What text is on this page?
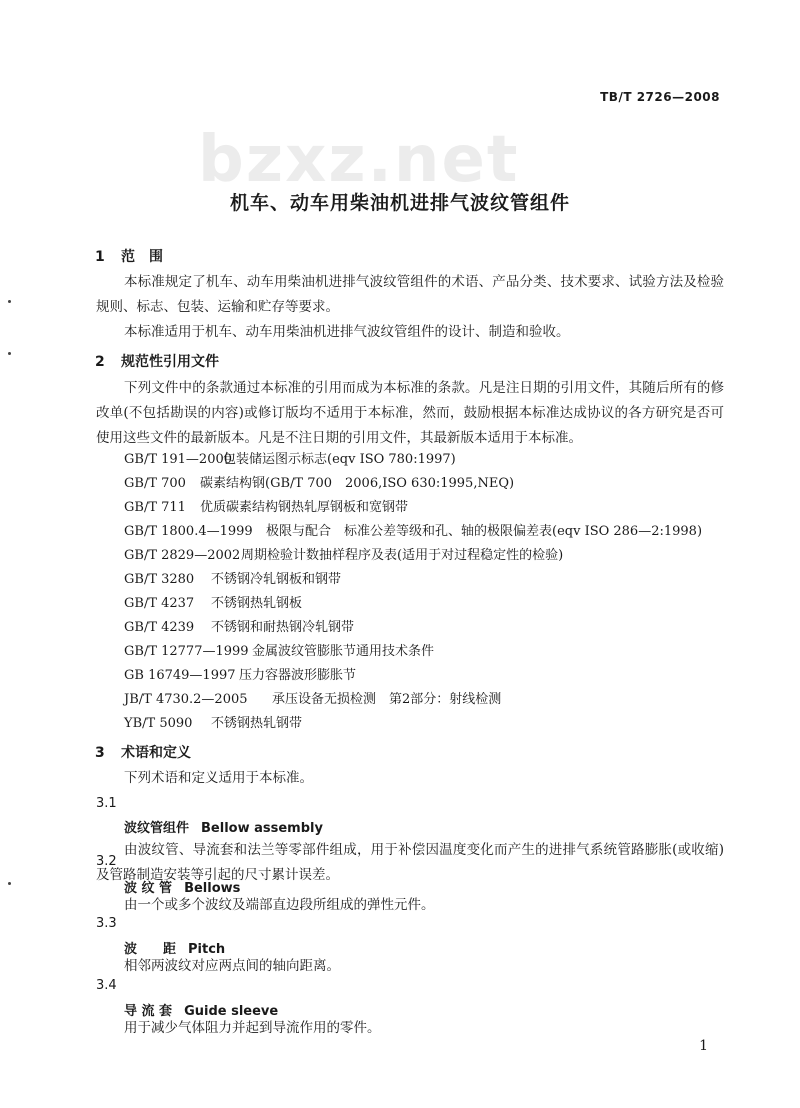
TB/T 2726—2008
bzxz.net
机车、动车用柴油机进排气波纹管组件
1 范　围
本标准规定了机车、动车用柴油机进排气波纹管组件的术语、产品分类、技术要求、试验方法及检验规则、标志、包装、运输和贮存等要求。
本标准适用于机车、动车用柴油机进排气波纹管组件的设计、制造和验收。
2 规范性引用文件
下列文件中的条款通过本标准的引用而成为本标准的条款。凡是注日期的引用文件，其随后所有的修改单(不包括勘误的内容)或修订版均不适用于本标准，然而，鼓励根据本标准达成协议的各方研究是否可使用这些文件的最新版本。凡是不注日期的引用文件，其最新版本适用于本标准。
GB/T 191—2000包装储运图示标志(eqv ISO 780:1997)
GB/T 700 碳素结构钢(GB/T 700　2006,ISO 630:1995,NEQ)
GB/T 711 优质碳素结构钢热轧厚钢板和宽钢带
GB/T 1800.4—1999 极限与配合　标准公差等级和孔、轴的极限偏差表(eqv ISO 286—2:1998)
GB/T 2829—2002周期检验计数抽样程序及表(适用于对过程稳定性的检验)
GB/T 3280 不锈钢冷轧钢板和钢带
GB/T 4237 不锈钢热轧钢板
GB/T 4239 不锈钢和耐热钢冷轧钢带
GB/T 12777—1999 金属波纹管膨胀节通用技术条件
GB 16749—1997 压力容器波形膨胀节
JB/T 4730.2—2005 承压设备无损检测　第2部分：射线检测
YB/T 5090 不锈钢热轧钢带
3 术语和定义
下列术语和定义适用于本标准。
3.1
波纹管组件 Bellow assembly
由波纹管、导流套和法兰等零部件组成，用于补偿因温度变化而产生的进排气系统管路膨胀(或收缩)及管路制造安装等引起的尺寸累计误差。
3.2
波 纹 管 Bellows
由一个或多个波纹及端部直边段所组成的弹性元件。
3.3
波　　距 Pitch
相邻两波纹对应两点间的轴向距离。
3.4
导 流 套 Guide sleeve
用于减少气体阻力并起到导流作用的零件。
1
